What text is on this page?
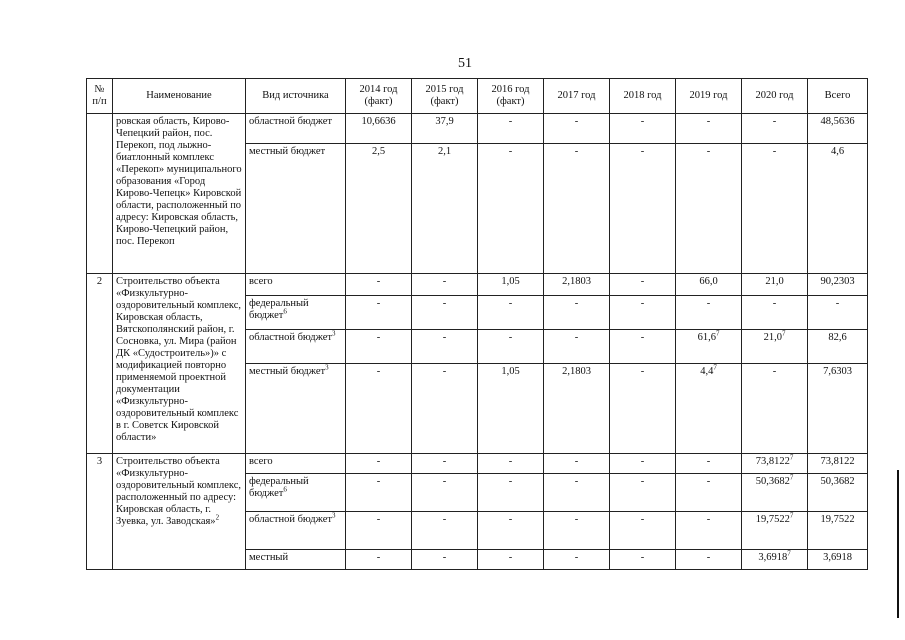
51
№ п/п	Наименование	Вид источника	2014 год (факт)	2015 год (факт)	2016 год (факт)	2017 год	2018 год	2019 год	2020 год	Всего
	ровская область, Кирово-Чепецкий район, пос. Перекоп, под лыжно-биатлонный комплекс «Перекоп» муниципального образования «Город Кирово-Чепецк» Кировской области, расположенный по адресу: Кировская область, Кирово-Чепецкий район, пос. Перекоп	областной бюджет	10,6636	37,9	-	-	-	-	-	48,5636
		местный бюджет	2,5	2,1	-	-	-	-	-	4,6
2	Строительство объекта «Физкультурно-оздоровительный комплекс, Кировская область, Вятскополянский район, г. Сосновка, ул. Мира (район ДК «Судостроитель»)» с модификацией повторно применяемой проектной документации «Физкультурно-оздоровительный комплекс в г. Советск Кировской области»	всего	-	-	1,05	2,1803	-	66,0	21,0	90,2303
		федеральный бюджет$^6$	-	-	-	-	-	-	-	-
		областной бюджет$^3$	-	-	-	-	-	61,6$^7$	21,0$^7$	82,6
		местный бюджет$^3$	-	-	1,05	2,1803	-	$4,4^7$	-	7,6303
3	Строительство объекта «Физкультурно-оздоровительный комплекс, расположенный по адресу: Кировская область, г. Зуевка, ул. Заводская»$^2$	всего	-	-	-	-	-	-	73,8122$^7$	73,8122
		федеральный бюджет$^6$	-	-	-	-	-	-	50,3682$^7$	50,3682
		областной бюджет$^3$	-	-	-	-	-	-	19,7522$^7$	19,7522
		местный	-	-	-	-	-	-	3,6918$^7$	3,6918
